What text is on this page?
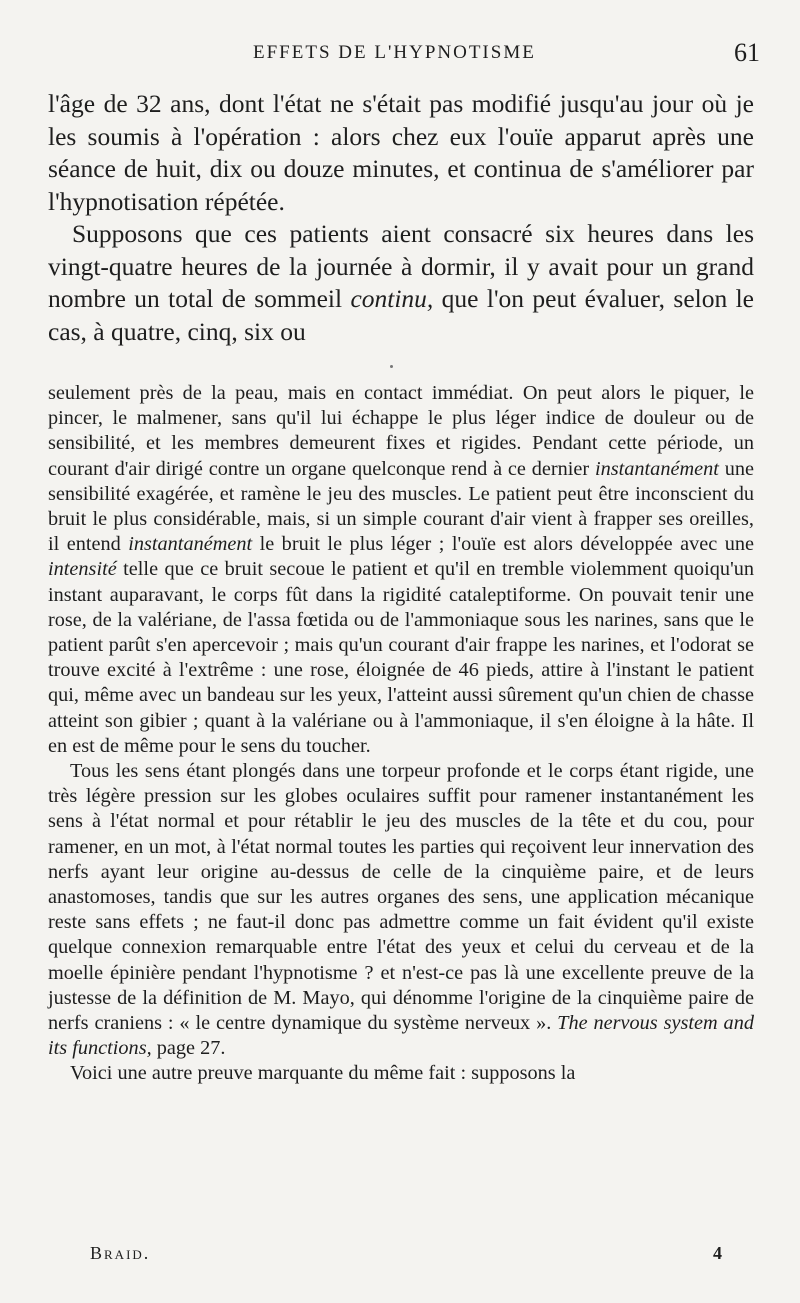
EFFETS DE L'HYPNOTISME	61

l'âge de 32 ans, dont l'état ne s'était pas modifié jusqu'au jour où je les soumis à l'opération : alors chez eux l'ouïe apparut après une séance de huit, dix ou douze minutes, et continua de s'améliorer par l'hypnotisation répétée.

Supposons que ces patients aient consacré six heures dans les vingt-quatre heures de la journée à dormir, il y avait pour un grand nombre un total de sommeil continu, que l'on peut évaluer, selon le cas, à quatre, cinq, six ou

seulement près de la peau, mais en contact immédiat. On peut alors le piquer, le pincer, le malmener, sans qu'il lui échappe le plus léger indice de douleur ou de sensibilité, et les membres demeurent fixes et rigides. Pendant cette période, un courant d'air dirigé contre un organe quelconque rend à ce dernier instantanément une sensibilité exagérée, et ramène le jeu des muscles. Le patient peut être inconscient du bruit le plus considérable, mais, si un simple courant d'air vient à frapper ses oreilles, il entend instantanément le bruit le plus léger ; l'ouïe est alors développée avec une intensité telle que ce bruit secoue le patient et qu'il en tremble violemment quoiqu'un instant auparavant, le corps fût dans la rigidité cataleptiforme. On pouvait tenir une rose, de la valériane, de l'assa fœtida ou de l'ammoniaque sous les narines, sans que le patient parût s'en apercevoir ; mais qu'un courant d'air frappe les narines, et l'odorat se trouve excité à l'extrême : une rose, éloignée de 46 pieds, attire à l'instant le patient qui, même avec un bandeau sur les yeux, l'atteint aussi sûrement qu'un chien de chasse atteint son gibier ; quant à la valériane ou à l'ammoniaque, il s'en éloigne à la hâte. Il en est de même pour le sens du toucher.

Tous les sens étant plongés dans une torpeur profonde et le corps étant rigide, une très légère pression sur les globes oculaires suffit pour ramener instantanément les sens à l'état normal et pour rétablir le jeu des muscles de la tête et du cou, pour ramener, en un mot, à l'état normal toutes les parties qui reçoivent leur innervation des nerfs ayant leur origine au-dessus de celle de la cinquième paire, et de leurs anastomoses, tandis que sur les autres organes des sens, une application mécanique reste sans effets ; ne faut-il donc pas admettre comme un fait évident qu'il existe quelque connexion remarquable entre l'état des yeux et celui du cerveau et de la moelle épinière pendant l'hypnotisme ? et n'est-ce pas là une excellente preuve de la justesse de la définition de M. Mayo, qui dénomme l'origine de la cinquième paire de nerfs craniens : « le centre dynamique du système nerveux ». The nervous system and its functions, page 27.

Voici une autre preuve marquante du même fait : supposons la

Braid.	4
